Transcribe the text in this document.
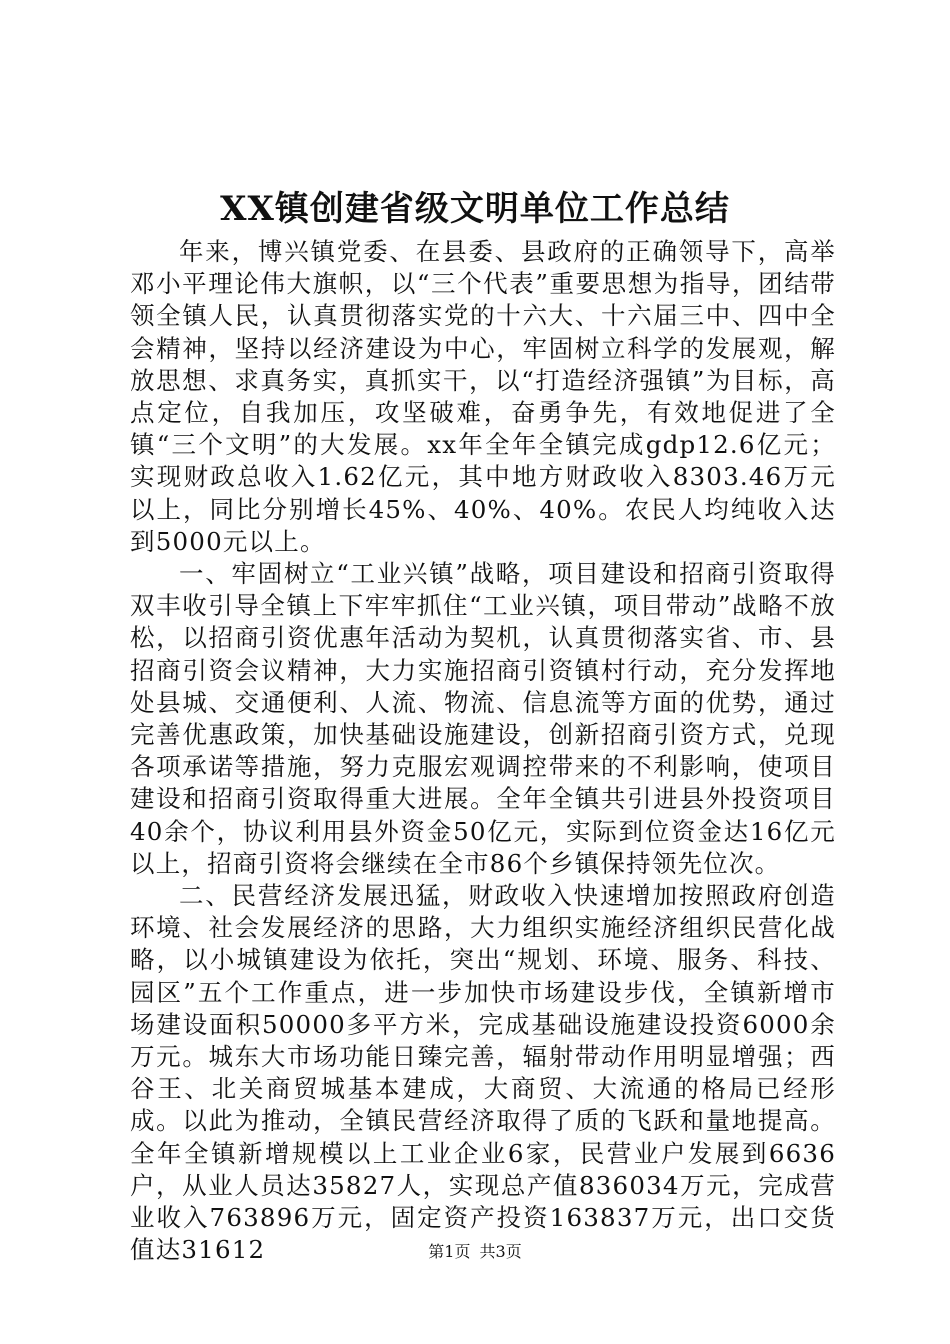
XX镇创建省级文明单位工作总结

年来，博兴镇党委、在县委、县政府的正确领导下，高举邓小平理论伟大旗帜，以“三个代表”重要思想为指导，团结带领全镇人民，认真贯彻落实党的十六大、十六届三中、四中全会精神，坚持以经济建设为中心，牢固树立科学的发展观，解放思想、求真务实，真抓实干，以“打造经济强镇”为目标，高点定位，自我加压，攻坚破难，奋勇争先，有效地促进了全镇“三个文明”的大发展。xx年全年全镇完成gdp12.6亿元；实现财政总收入1.62亿元，其中地方财政收入8303.46万元以上，同比分别增长45%、40%、40%。农民人均纯收入达到5000元以上。

一、牢固树立“工业兴镇”战略，项目建设和招商引资取得双丰收引导全镇上下牢牢抓住“工业兴镇，项目带动”战略不放松，以招商引资优惠年活动为契机，认真贯彻落实省、市、县招商引资会议精神，大力实施招商引资镇村行动，充分发挥地处县城、交通便利、人流、物流、信息流等方面的优势，通过完善优惠政策，加快基础设施建设，创新招商引资方式，兑现各项承诺等措施，努力克服宏观调控带来的不利影响，使项目建设和招商引资取得重大进展。全年全镇共引进县外投资项目40余个，协议利用县外资金50亿元，实际到位资金达16亿元以上，招商引资将会继续在全市86个乡镇保持领先位次。

二、民营经济发展迅猛，财政收入快速增加按照政府创造环境、社会发展经济的思路，大力组织实施经济组织民营化战略，以小城镇建设为依托，突出“规划、环境、服务、科技、园区”五个工作重点，进一步加快市场建设步伐，全镇新增市场建设面积50000多平方米，完成基础设施建设投资6000余万元。城东大市场功能日臻完善，辐射带动作用明显增强；西谷王、北关商贸城基本建成，大商贸、大流通的格局已经形成。以此为推动，全镇民营经济取得了质的飞跃和量地提高。全年全镇新增规模以上工业企业6家，民营业户发展到6636户，从业人员达35827人，实现总产值836034万元，完成营业收入763896万元，固定资产投资163837万元，出口交货值达31612	第1页 共3页
